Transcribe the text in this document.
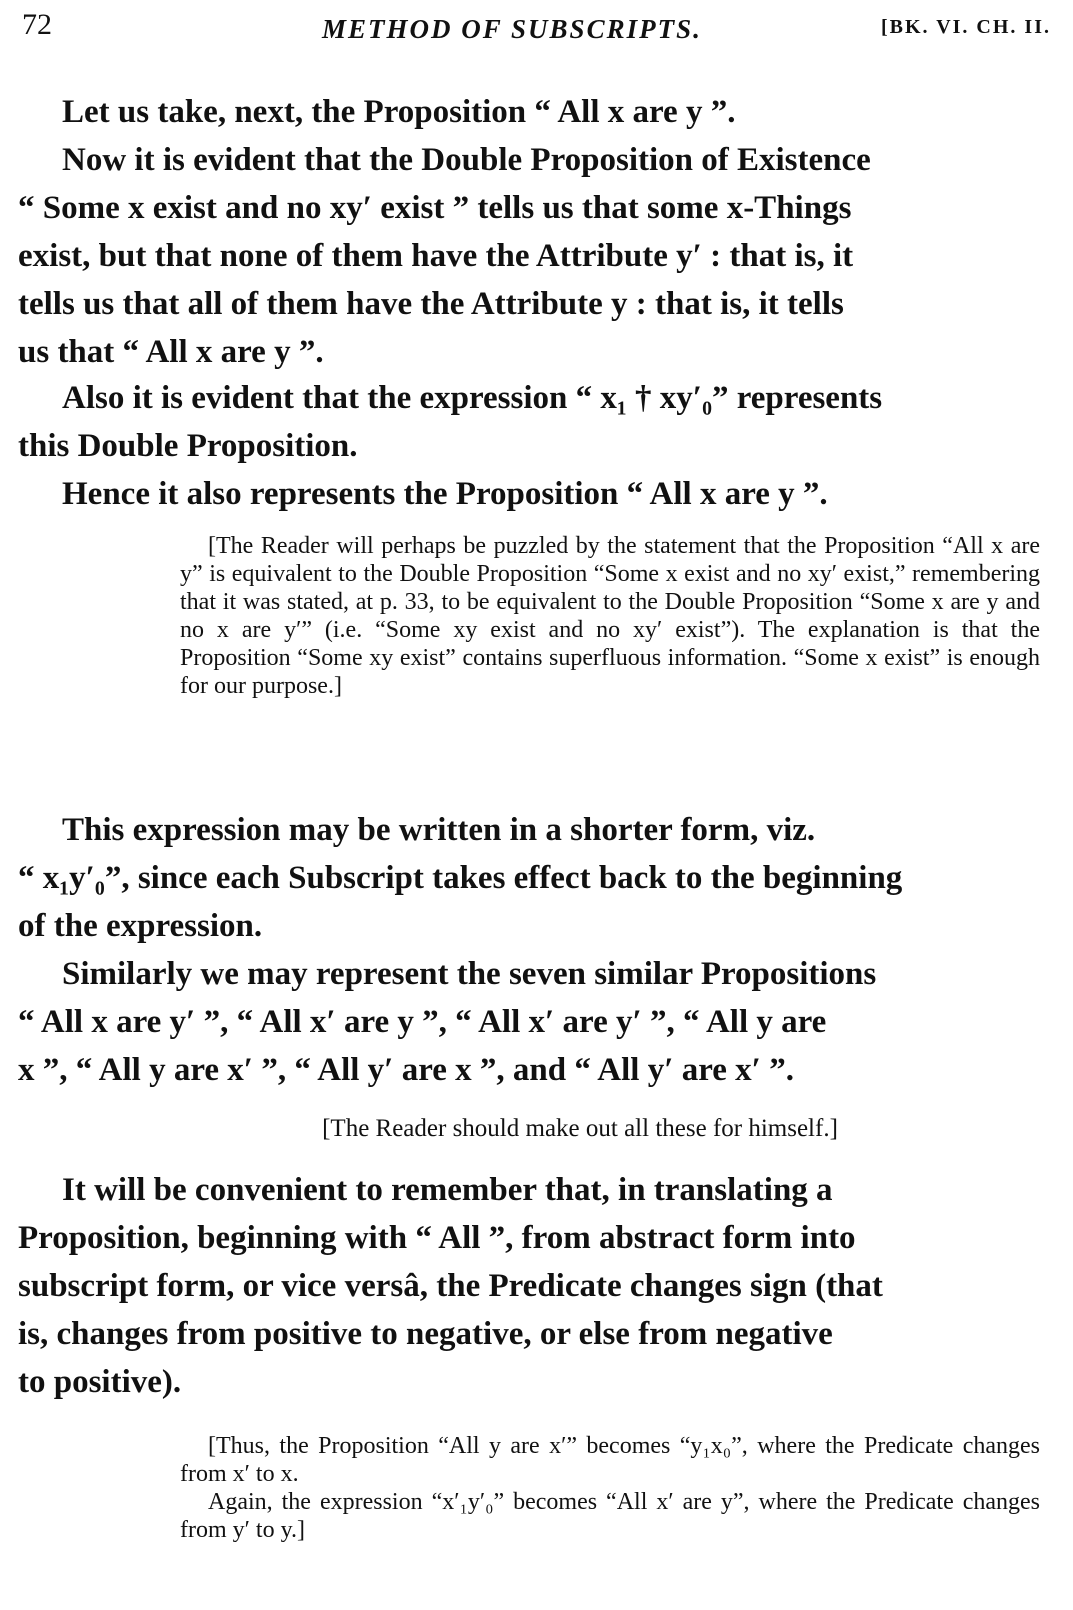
72	METHOD OF SUBSCRIPTS.	[BK. VI. CH. II.
Let us take, next, the Proposition “ All x are y ”.
Now it is evident that the Double Proposition of Existence
“ Some x exist and no xy′ exist ” tells us that some x-Things
exist, but that none of them have the Attribute y′ : that is, it
tells us that all of them have the Attribute y : that is, it tells
us that “ All x are y ”.
Also it is evident that the expression “ x₁ † xy′₀” represents
this Double Proposition.
Hence it also represents the Proposition “ All x are y ”.

[The Reader will perhaps be puzzled by the statement that the Proposition “All x are y” is equivalent to the Double Proposition “Some x exist and no xy′ exist,” remembering that it was stated, at p. 33, to be equivalent to the Double Proposition “Some x are y and no x are y′” (i.e. “Some xy exist and no xy′ exist”). The explanation is that the Proposition “Some xy exist” contains superfluous information. “Some x exist” is enough for our purpose.]

This expression may be written in a shorter form, viz.
“ x₁y′₀”, since each Subscript takes effect back to the beginning
of the expression.
Similarly we may represent the seven similar Propositions
“ All x are y′ ”, “ All x′ are y ”, “ All x′ are y′ ”, “ All y are
x ”, “ All y are x′ ”, “ All y′ are x ”, and “ All y′ are x′ ”.
[The Reader should make out all these for himself.]
It will be convenient to remember that, in translating a
Proposition, beginning with “ All ”, from abstract form into
subscript form, or vice versâ, the Predicate changes sign (that
is, changes from positive to negative, or else from negative
to positive).

[Thus, the Proposition “All y are x′” becomes “y₁x₀”, where the Predicate changes from x′ to x.

Again, the expression “x′₁y′₀” becomes “All x′ are y”, where the Predicate changes from y′ to y.]
